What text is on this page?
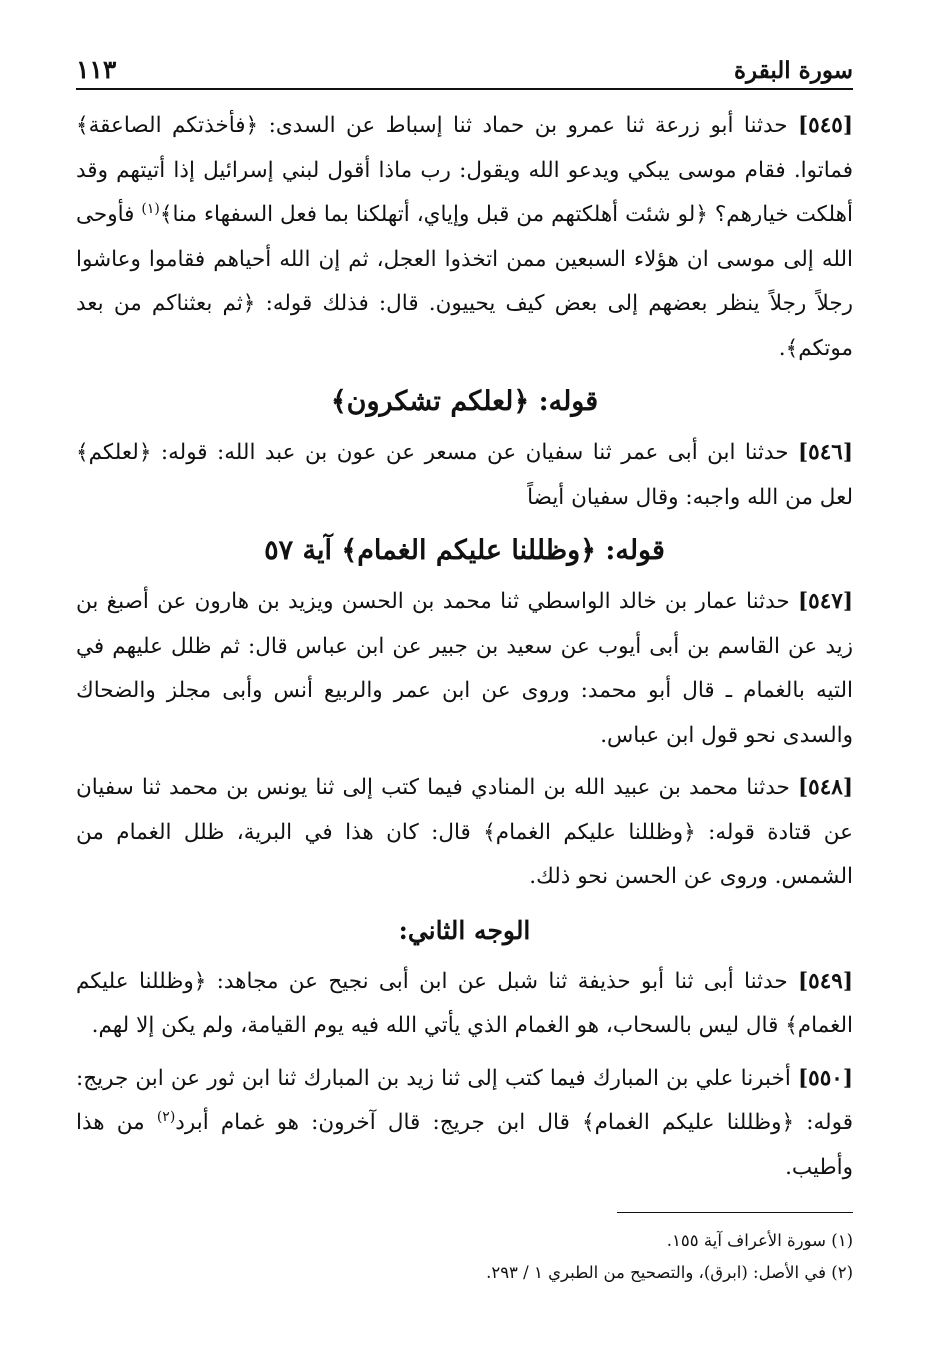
سورة البقرة
١١٣

[٥٤٥] حدثنا أبو زرعة ثنا عمرو بن حماد ثنا إسباط عن السدى: ﴿فأخذتكم الصاعقة﴾ فماتوا. فقام موسى يبكي ويدعو الله ويقول: رب ماذا أقول لبني إسرائيل إذا أتيتهم وقد أهلكت خيارهم؟ ﴿لو شئت أهلكتهم من قبل وإياي، أتهلكنا بما فعل السفهاء منا﴾$^{(١)}$ فأوحى الله إلى موسى ان هؤلاء السبعين ممن اتخذوا العجل، ثم إن الله أحياهم فقاموا وعاشوا رجلاً رجلاً ينظر بعضهم إلى بعض كيف يحييون. قال: فذلك قوله: ﴿ثم بعثناكم من بعد موتكم﴾.

قوله: ﴿لعلكم تشكرون﴾

[٥٤٦] حدثنا ابن أبى عمر ثنا سفيان عن مسعر عن عون بن عبد الله: قوله: ﴿لعلكم﴾ لعل من الله واجبه: وقال سفيان أيضاً

قوله: ﴿وظللنا عليكم الغمام﴾ آية ٥٧

[٥٤٧] حدثنا عمار بن خالد الواسطي ثنا محمد بن الحسن ويزيد بن هارون عن أصبغ بن زيد عن القاسم بن أبى أيوب عن سعيد بن جبير عن ابن عباس قال: ثم ظلل عليهم في التيه بالغمام ـ قال أبو محمد: وروى عن ابن عمر والربيع أنس وأبى مجلز والضحاك والسدى نحو قول ابن عباس.

[٥٤٨] حدثنا محمد بن عبيد الله بن المنادي فيما كتب إلى ثنا يونس بن محمد ثنا سفيان عن قتادة قوله: ﴿وظللنا عليكم الغمام﴾ قال: كان هذا في البرية، ظلل الغمام من الشمس. وروى عن الحسن نحو ذلك.

الوجه الثاني:

[٥٤٩] حدثنا أبى ثنا أبو حذيفة ثنا شبل عن ابن أبى نجيح عن مجاهد: ﴿وظللنا عليكم الغمام﴾ قال ليس بالسحاب، هو الغمام الذي يأتي الله فيه يوم القيامة، ولم يكن إلا لهم.

[٥٥٠] أخبرنا علي بن المبارك فيما كتب إلى ثنا زيد بن المبارك ثنا ابن ثور عن ابن جريج: قوله: ﴿وظللنا عليكم الغمام﴾ قال ابن جريج: قال آخرون: هو غمام أبرد$^{(٢)}$ من هذا وأطيب.

(١) سورة الأعراف آية ١٥٥.

(٢) في الأصل: (ابرق)، والتصحيح من الطبري ١ / ٢٩٣.
